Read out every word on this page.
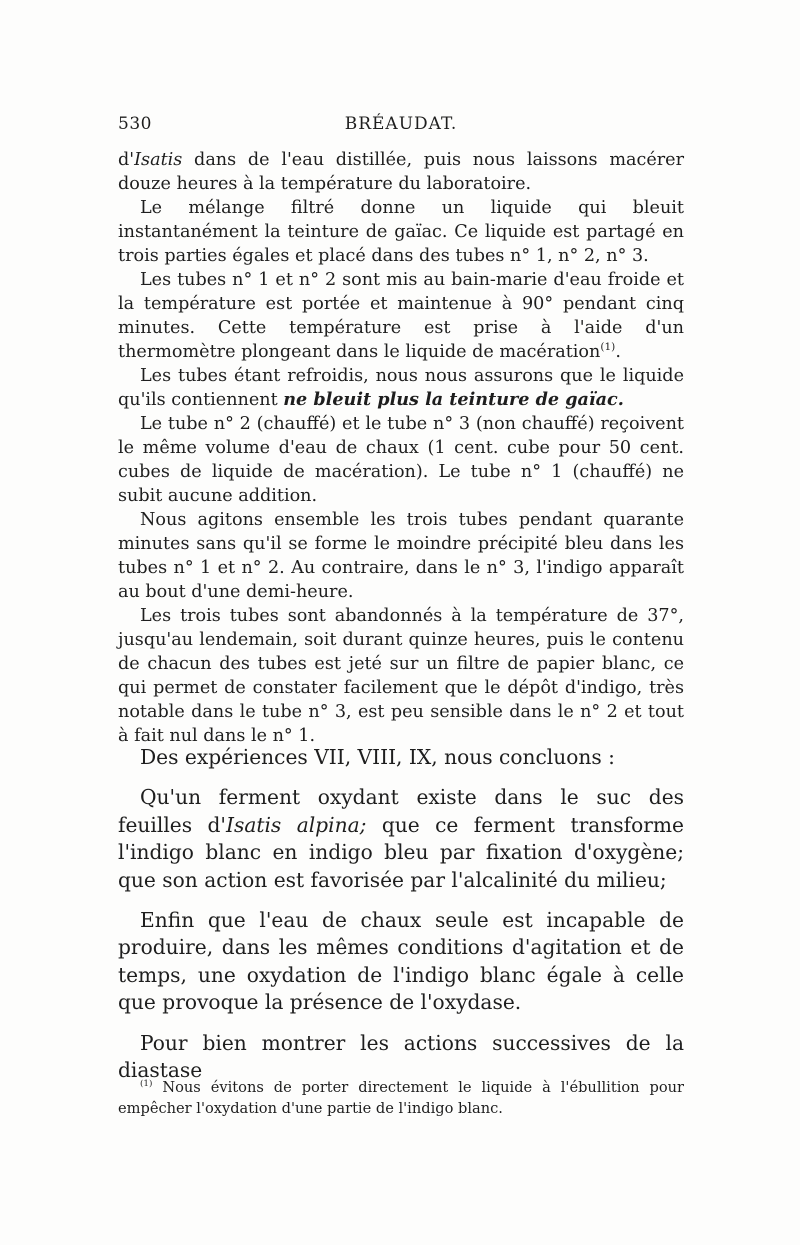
530	BRÉAUDAT.

d'Isatis dans de l'eau distillée, puis nous laissons macérer douze heures à la température du laboratoire.

Le mélange filtré donne un liquide qui bleuit instantanément la teinture de gaïac. Ce liquide est partagé en trois parties égales et placé dans des tubes n° 1, n° 2, n° 3.

Les tubes n° 1 et n° 2 sont mis au bain-marie d'eau froide et la température est portée et maintenue à 90° pendant cinq minutes. Cette température est prise à l'aide d'un thermomètre plongeant dans le liquide de macération$^{(1)}$.

Les tubes étant refroidis, nous nous assurons que le liquide qu'ils contiennent ne bleuit plus la teinture de gaïac.

Le tube n° 2 (chauffé) et le tube n° 3 (non chauffé) reçoivent le même volume d'eau de chaux (1 cent. cube pour 50 cent. cubes de liquide de macération). Le tube n° 1 (chauffé) ne subit aucune addition.

Nous agitons ensemble les trois tubes pendant quarante minutes sans qu'il se forme le moindre précipité bleu dans les tubes n° 1 et n° 2. Au contraire, dans le n° 3, l'indigo apparaît au bout d'une demi-heure.

Les trois tubes sont abandonnés à la température de 37°, jusqu'au lendemain, soit durant quinze heures, puis le contenu de chacun des tubes est jeté sur un filtre de papier blanc, ce qui permet de constater facilement que le dépôt d'indigo, très notable dans le tube n° 3, est peu sensible dans le n° 2 et tout à fait nul dans le n° 1.

Des expériences VII, VIII, IX, nous concluons :

Qu'un ferment oxydant existe dans le suc des feuilles d'Isatis alpina; que ce ferment transforme l'indigo blanc en indigo bleu par fixation d'oxygène; que son action est favorisée par l'alcalinité du milieu;

Enfin que l'eau de chaux seule est incapable de produire, dans les mêmes conditions d'agitation et de temps, une oxydation de l'indigo blanc égale à celle que provoque la présence de l'oxydase.

Pour bien montrer les actions successives de la diastase

$^{(1)}$ Nous évitons de porter directement le liquide à l'ébullition pour empêcher l'oxydation d'une partie de l'indigo blanc.
